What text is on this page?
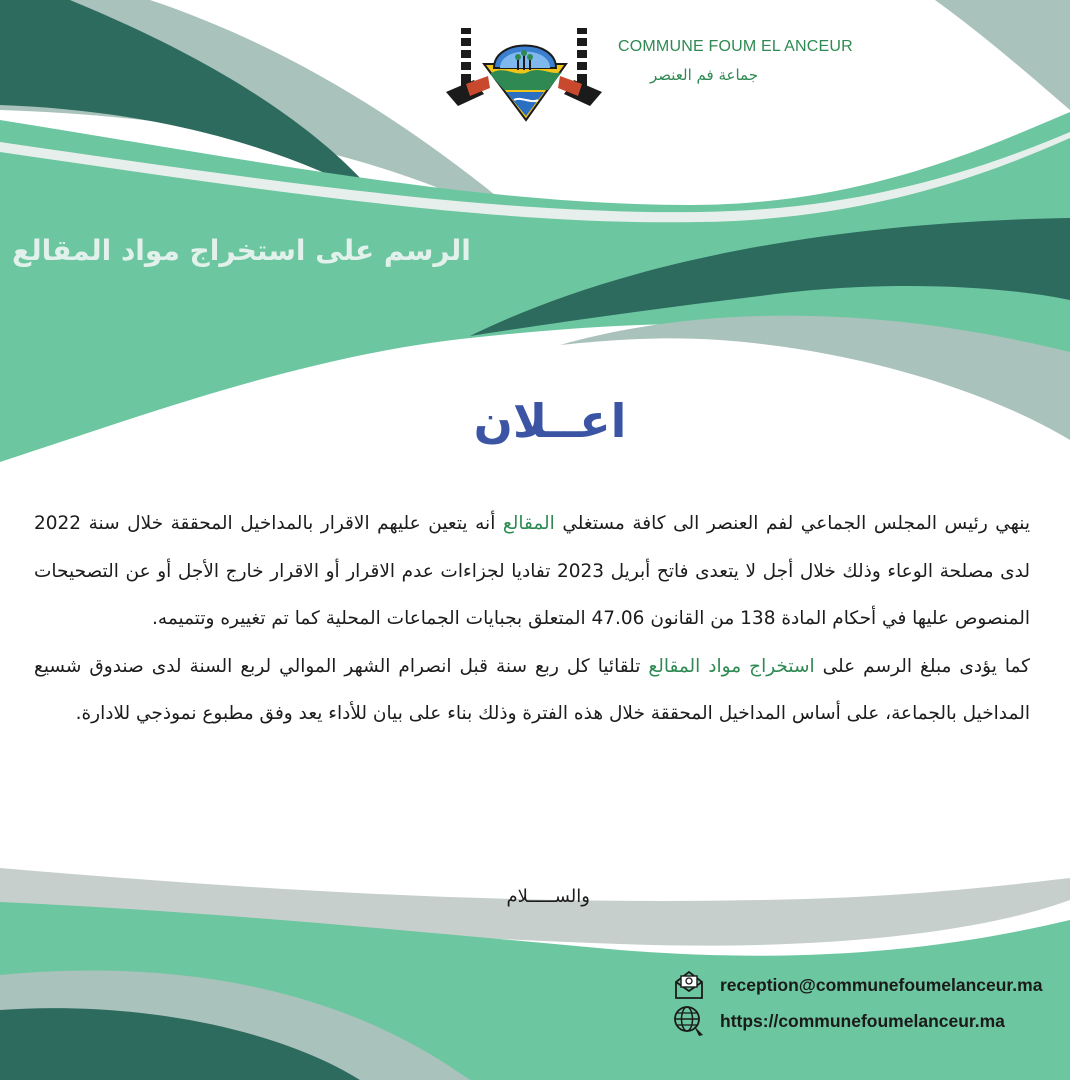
COMMUNE FOUM EL ANCEUR
جماعة فم العنصر
الرسم على استخراج مواد المقالع
اعــلان

ينهي رئيس المجلس الجماعي لفم العنصر الى كافة مستغلي المقالع أنه يتعين عليهم الاقرار بالمداخيل المحققة خلال سنة 2022 لدى مصلحة الوعاء وذلك خلال أجل لا يتعدى فاتح أبريل 2023 تفاديا لجزاءات عدم الاقرار أو الاقرار خارج الأجل أو عن التصحيحات المنصوص عليها في أحكام المادة 138 من القانون 47.06 المتعلق بجبايات الجماعات المحلية كما تم تغييره وتتميمه.

كما يؤدى مبلغ الرسم على استخراج مواد المقالع تلقائيا كل ربع سنة قبل انصرام الشهر الموالي لربع السنة لدى صندوق شسيع المداخيل بالجماعة، على أساس المداخيل المحققة خلال هذه الفترة وذلك بناء على بيان للأداء يعد وفق مطبوع نموذجي للادارة.

والســـــلام
reception@communefoumelanceur.ma
https://communefoumelanceur.ma
